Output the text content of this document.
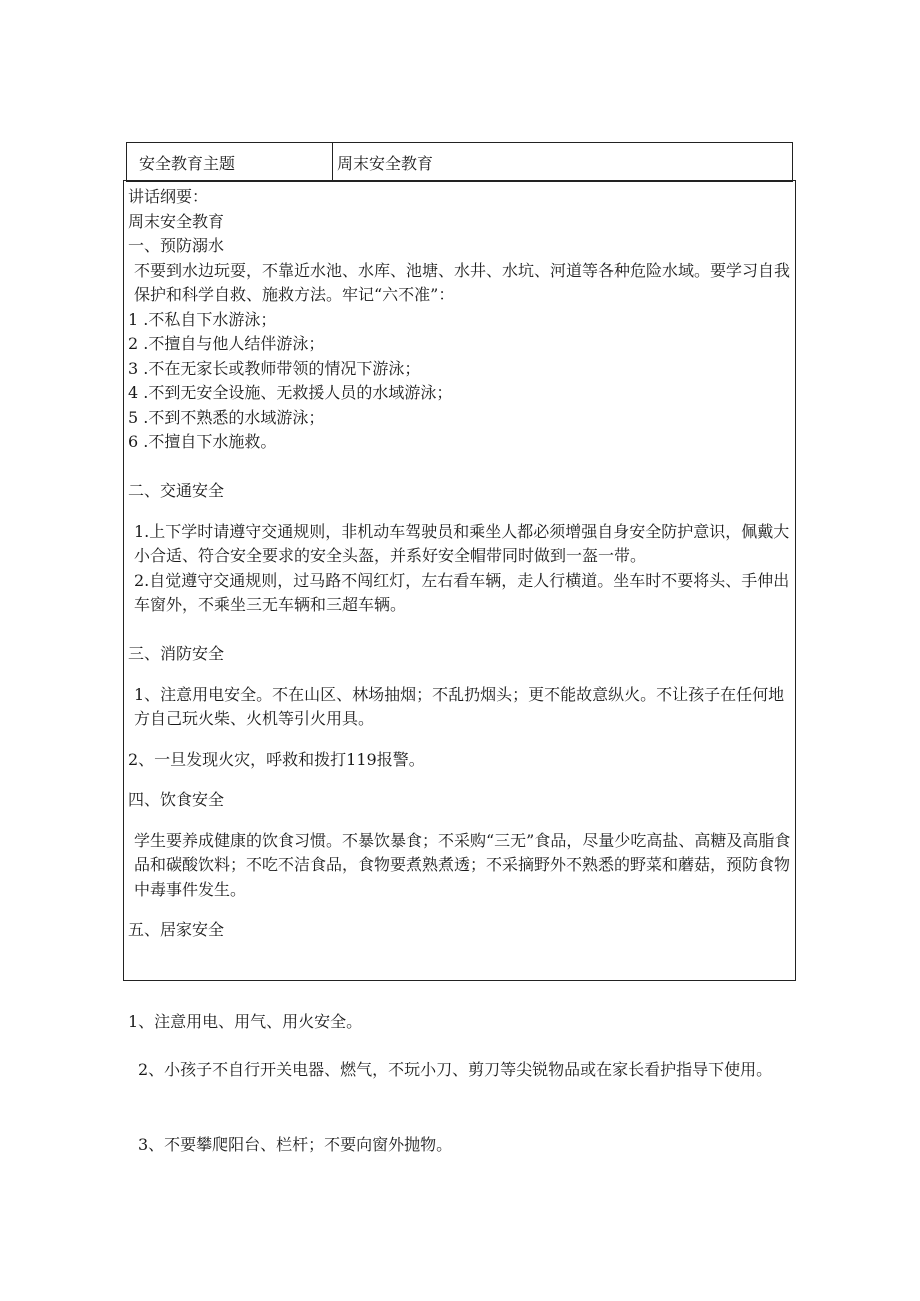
安全教育主题	周末安全教育
讲话纲要：
周末安全教育
一、预防溺水
不要到水边玩耍，不靠近水池、水库、池塘、水井、水坑、河道等各种危险水域。要学习自我保护和科学自救、施救方法。牢记“六不准”：
1 .不私自下水游泳；
2 .不擅自与他人结伴游泳；
3 .不在无家长或教师带领的情况下游泳；
4 .不到无安全设施、无救援人员的水域游泳；
5 .不到不熟悉的水域游泳；
6 .不擅自下水施救。
二、交通安全
1.上下学时请遵守交通规则，非机动车驾驶员和乘坐人都必须增强自身安全防护意识，佩戴大小合适、符合安全要求的安全头盔，并系好安全帽带同时做到一盔一带。
2.自觉遵守交通规则，过马路不闯红灯，左右看车辆，走人行横道。坐车时不要将头、手伸出车窗外，不乘坐三无车辆和三超车辆。
三、消防安全
1、注意用电安全。不在山区、林场抽烟；不乱扔烟头；更不能故意纵火。不让孩子在任何地方自己玩火柴、火机等引火用具。
2、一旦发现火灾，呼救和拨打119报警。
四、饮食安全
学生要养成健康的饮食习惯。不暴饮暴食；不采购“三无”食品，尽量少吃高盐、高糖及高脂食品和碳酸饮料；不吃不洁食品，食物要煮熟煮透；不采摘野外不熟悉的野菜和蘑菇，预防食物中毒事件发生。
五、居家安全
1、注意用电、用气、用火安全。
2、小孩子不自行开关电器、燃气，不玩小刀、剪刀等尖锐物品或在家长看护指导下使用。
3、不要攀爬阳台、栏杆；不要向窗外抛物。
